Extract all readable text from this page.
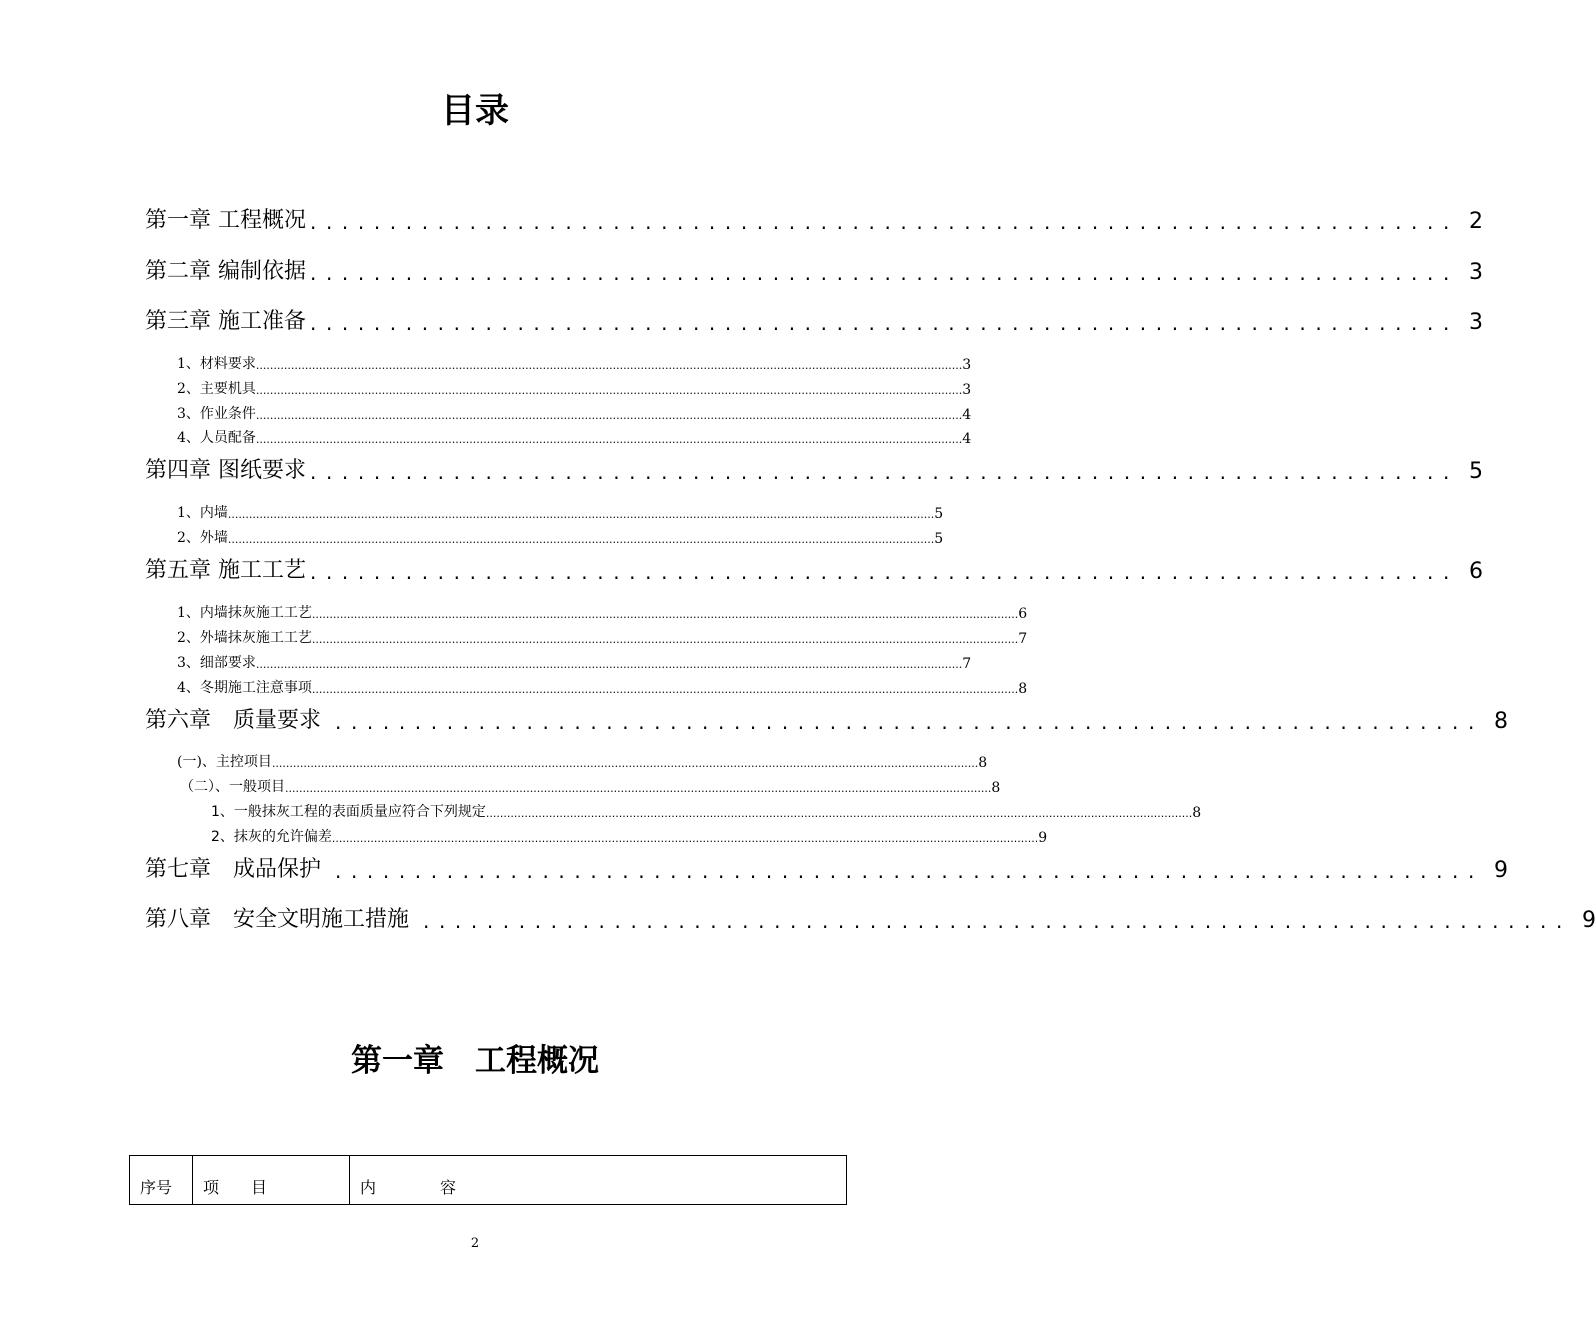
目录
第一章 工程概况 ........................................................................ 2
第二章 编制依据 ........................................................................ 3
第三章 施工准备 ........................................................................ 3
1、材料要求 .......................................................................................................................................................................................................... 3
2、主要机具 .......................................................................................................................................................................................................... 3
3、作业条件 .......................................................................................................................................................................................................... 4
4、人员配备 .......................................................................................................................................................................................................... 4
第四章 图纸要求 ........................................................................ 5
1、内墙 .......................................................................................................................................................................................................... 5
2、外墙 .......................................................................................................................................................................................................... 5
第五章 施工工艺 ........................................................................ 6
1、内墙抹灰施工工艺 .......................................................................................................................................................................................................... 6
2、外墙抹灰施工工艺 .......................................................................................................................................................................................................... 7
3、细部要求 .......................................................................................................................................................................................................... 7
4、冬期施工注意事项 .......................................................................................................................................................................................................... 8
第六章　质量要求 ........................................................................ 8
(一)、主控项目 .......................................................................................................................................................................................................... 8
（二）、一般项目 .......................................................................................................................................................................................................... 8
1、一般抹灰工程的表面质量应符合下列规定 .......................................................................................................................................................................................................... 8
2、抹灰的允许偏差 .......................................................................................................................................................................................................... 9
第七章　成品保护 ........................................................................ 9
第八章　安全文明施工措施 ........................................................................ 9
第一章　工程概况
序号	项　　目	内　　　　容
2
